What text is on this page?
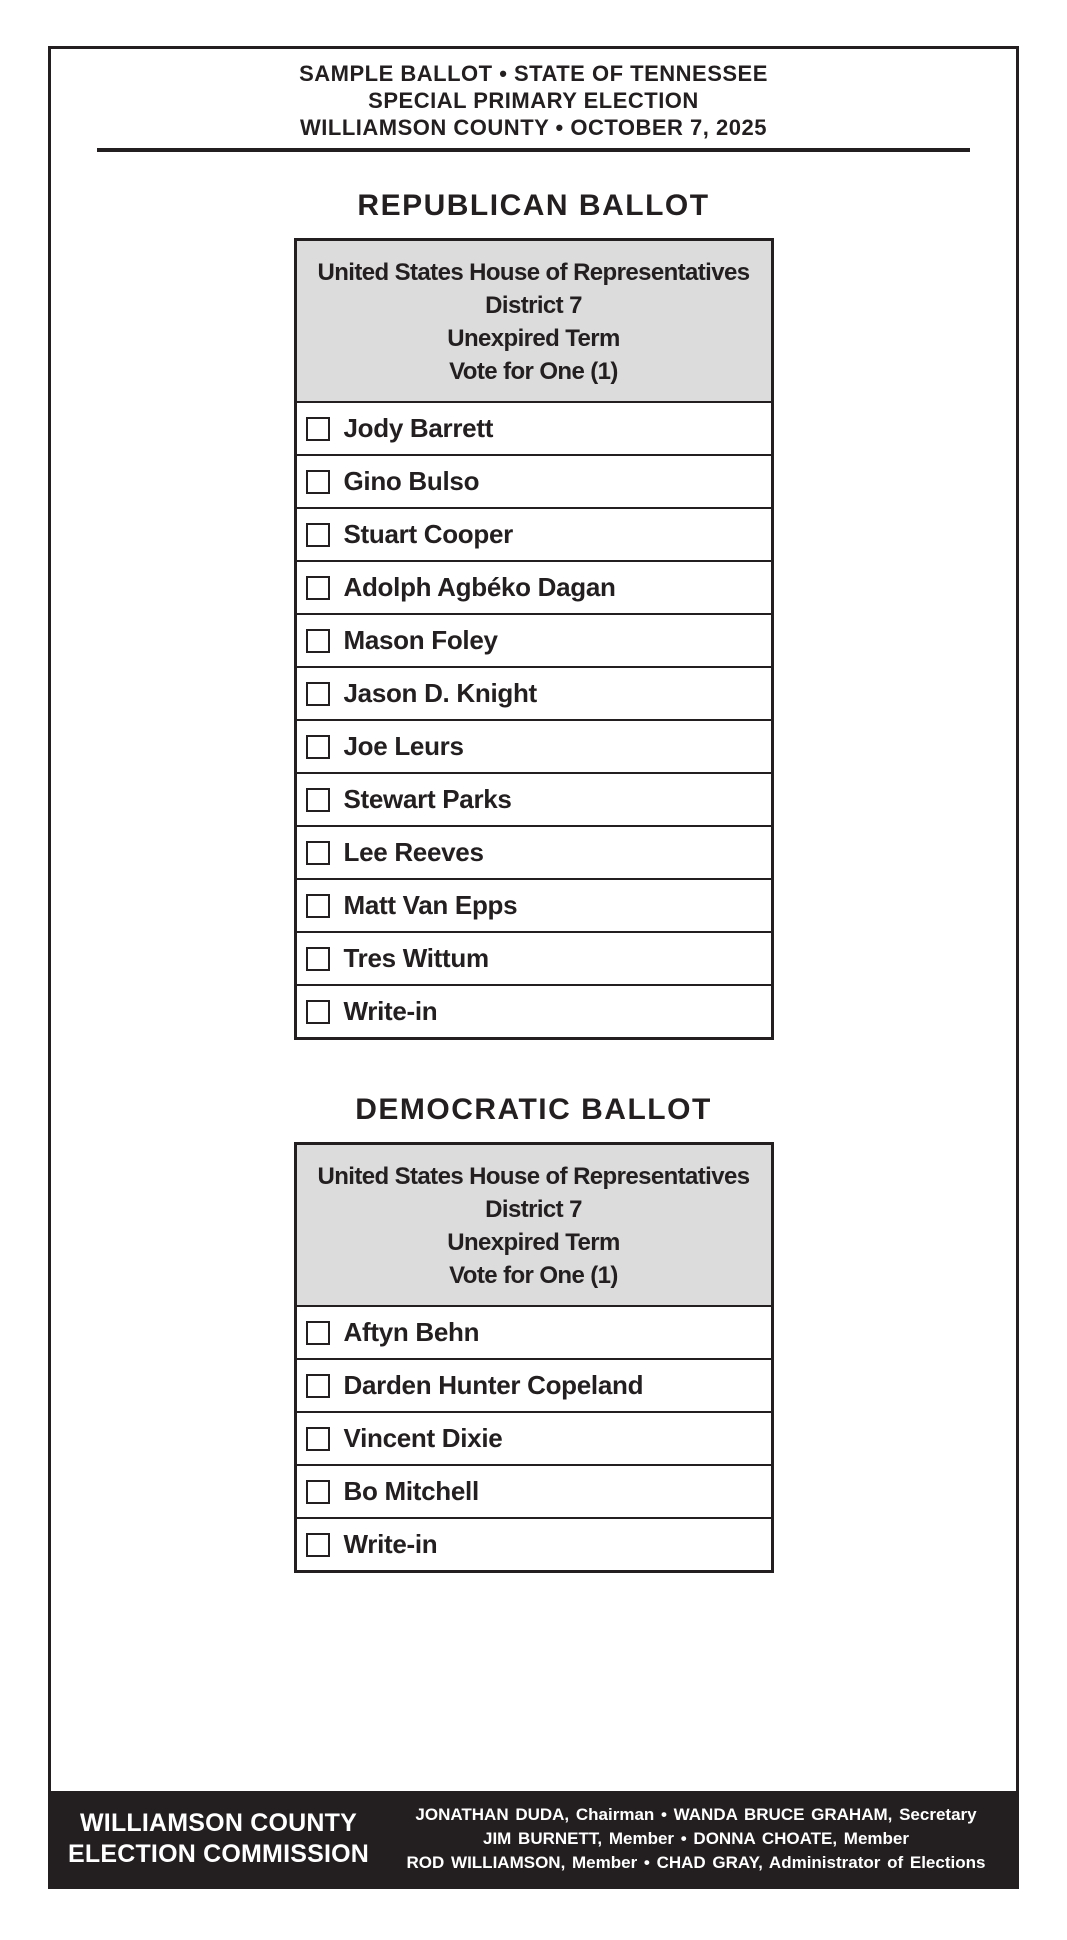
SAMPLE BALLOT • STATE OF TENNESSEE
SPECIAL PRIMARY ELECTION
WILLIAMSON COUNTY • OCTOBER 7, 2025
REPUBLICAN BALLOT
United States House of Representatives
District 7
Unexpired Term
Vote for One (1)
Jody Barrett
Gino Bulso
Stuart Cooper
Adolph Agbéko Dagan
Mason Foley
Jason D. Knight
Joe Leurs
Stewart Parks
Lee Reeves
Matt Van Epps
Tres Wittum
Write-in
DEMOCRATIC BALLOT
United States House of Representatives
District 7
Unexpired Term
Vote for One (1)
Aftyn Behn
Darden Hunter Copeland
Vincent Dixie
Bo Mitchell
Write-in
WILLIAMSON COUNTY
ELECTION COMMISSION
JONATHAN DUDA, Chairman • WANDA BRUCE GRAHAM, Secretary
JIM BURNETT, Member • DONNA CHOATE, Member
ROD WILLIAMSON, Member • CHAD GRAY, Administrator of Elections
